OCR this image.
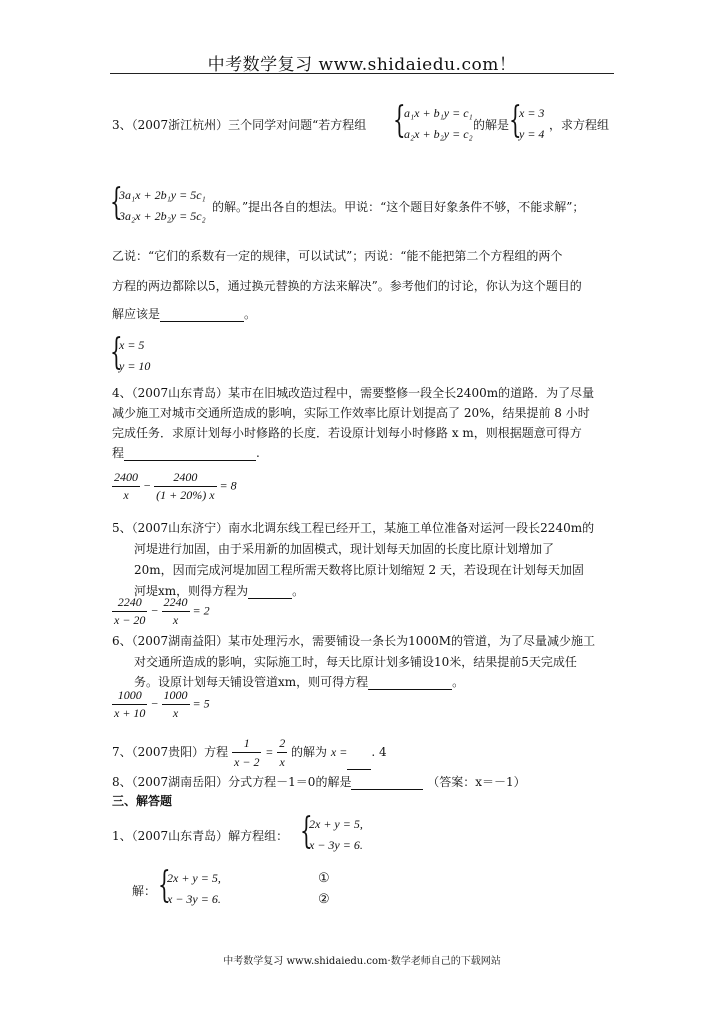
中考数学复习 www.shidaiedu.com！
3、（2007浙江杭州）三个同学对问题“若方程组 {
a₁x + b₁y = c₁
a₂x + b₂y = c₂
的解是 {
x = 3
y = 4
，求方程组
{
3a₁x + 2b₁y = 5c₁
3a₂x + 2b₂y = 5c₂
的解。”提出各自的想法。甲说：“这个题目好象条件不够，不能求解”；
乙说：“它们的系数有一定的规律，可以试试”；丙说：“能不能把第二个方程组的两个
方程的两边都除以5，通过换元替换的方法来解决”。参考他们的讨论，你认为这个题目的
解应该是	。
{
x = 5
y = 10
4、（2007山东青岛）某市在旧城改造过程中，需要整修一段全长2400m的道路．为了尽量
减少施工对城市交通所造成的影响，实际工作效率比原计划提高了 20%，结果提前 8 小时
完成任务．求原计划每小时修路的长度．若设原计划每小时修路 x m，则根据题意可得方
程	.
$\frac{2400}{x} - \frac{2400}{(1 + 20\%) x} = 8$
5、（2007山东济宁）南水北调东线工程已经开工，某施工单位准备对运河一段长2240m的
河堤进行加固，由于采用新的加固模式，现计划每天加固的长度比原计划增加了
20m，因而完成河堤加固工程所需天数将比原计划缩短 2 天，若设现在计划每天加固
河堤xm，则得方程为	。
$\frac{2240}{x - 20} - \frac{2240}{x} = 2$
6、（2007湖南益阳）某市处理污水，需要铺设一条长为1000M的管道，为了尽量减少施工
对交通所造成的影响，实际施工时，每天比原计划多铺设10米，结果提前5天完成任
务。设原计划每天铺设管道xm，则可得方程	。
$\frac{1000}{x + 10} - \frac{1000}{x} = 5$
7、（2007贵阳）方程 $\frac{1}{x - 2} = \frac{2}{x}$ 的解为 x = . 4
8、（2007湖南岳阳）分式方程－1＝0的解是	（答案：x＝－1）
三、解答题
1、（2007山东青岛）解方程组： {
2x + y = 5,
x − 3y = 6.
解： {
2x + y = 5,
x − 3y = 6.
①
②
中考数学复习 www.shidaiedu.com·数学老师自己的下载网站
